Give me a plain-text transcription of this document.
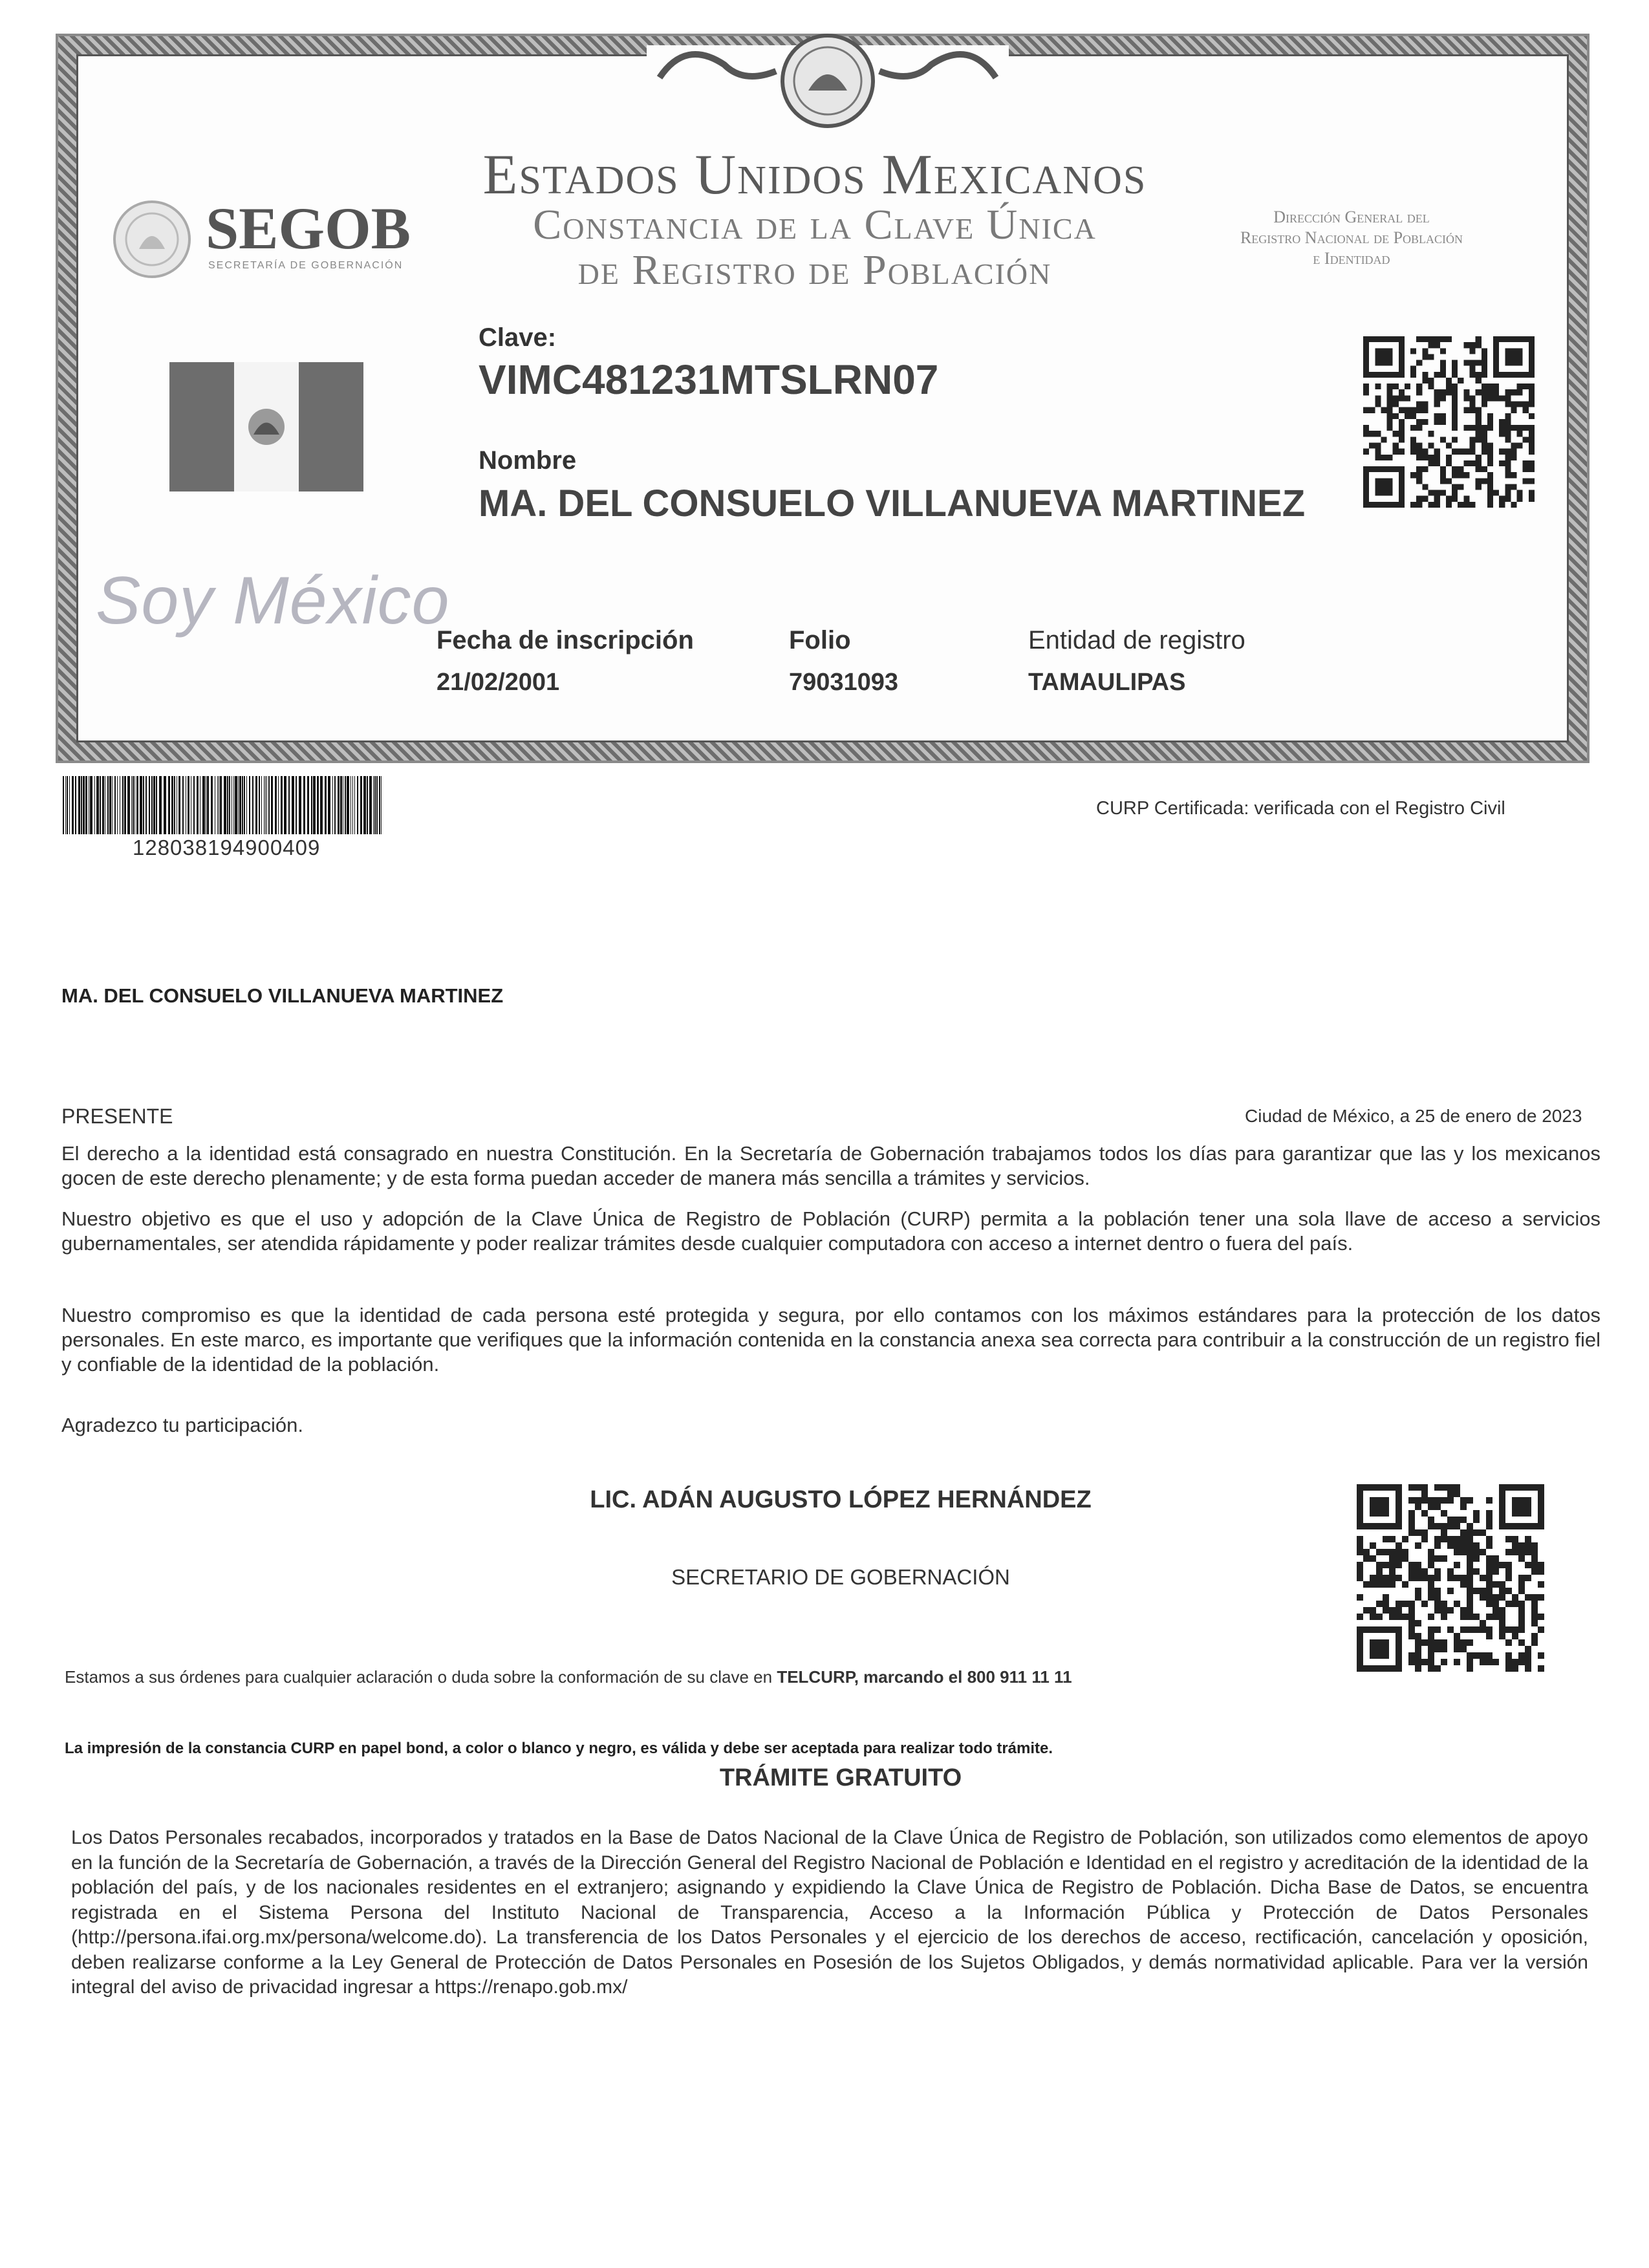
Estados Unidos Mexicanos
Constancia de la Clave Única
de Registro de Población
SEGOB
SECRETARÍA DE GOBERNACIÓN
Dirección General del
Registro Nacional de Población
e Identidad
Clave:
VIMC481231MTSLRN07
Nombre
MA. DEL CONSUELO VILLANUEVA MARTINEZ
Soy México
Fecha de inscripción
21/02/2001
Folio
79031093
Entidad de registro
TAMAULIPAS
128038194900409
CURP Certificada: verificada con el Registro Civil
MA. DEL CONSUELO VILLANUEVA MARTINEZ
PRESENTE	Ciudad de México, a 25 de enero de 2023
El derecho a la identidad está consagrado en nuestra Constitución. En la Secretaría de Gobernación trabajamos todos los días para garantizar que las y los mexicanos gocen de este derecho plenamente; y de esta forma puedan acceder de manera más sencilla a trámites y servicios.
Nuestro objetivo es que el uso y adopción de la Clave Única de Registro de Población (CURP) permita a la población tener una sola llave de acceso a servicios gubernamentales, ser atendida rápidamente y poder realizar trámites desde cualquier computadora con acceso a internet dentro o fuera del país.
Nuestro compromiso es que la identidad de cada persona esté protegida y segura, por ello contamos con los máximos estándares para la protección de los datos personales. En este marco, es importante que verifiques que la información contenida en la constancia anexa sea correcta para contribuir a la construcción de un registro fiel y confiable de la identidad de la población.
Agradezco tu participación.
LIC. ADÁN AUGUSTO LÓPEZ HERNÁNDEZ
SECRETARIO DE GOBERNACIÓN
Estamos a sus órdenes para cualquier aclaración o duda sobre la conformación de su clave en TELCURP, marcando el 800 911 11 11
La impresión de la constancia CURP en papel bond, a color o blanco y negro, es válida y debe ser aceptada para realizar todo trámite.
TRÁMITE GRATUITO
Los Datos Personales recabados, incorporados y tratados en la Base de Datos Nacional de la Clave Única de Registro de Población, son utilizados como elementos de apoyo en la función de la Secretaría de Gobernación, a través de la Dirección General del Registro Nacional de Población e Identidad en el registro y acreditación de la identidad de la población del país, y de los nacionales residentes en el extranjero; asignando y expidiendo la Clave Única de Registro de Población. Dicha Base de Datos, se encuentra registrada en el Sistema Persona del Instituto Nacional de Transparencia, Acceso a la Información Pública y Protección de Datos Personales (http://persona.ifai.org.mx/persona/welcome.do). La transferencia de los Datos Personales y el ejercicio de los derechos de acceso, rectificación, cancelación y oposición, deben realizarse conforme a la Ley General de Protección de Datos Personales en Posesión de los Sujetos Obligados, y demás normatividad aplicable. Para ver la versión integral del aviso de privacidad ingresar a https://renapo.gob.mx/
